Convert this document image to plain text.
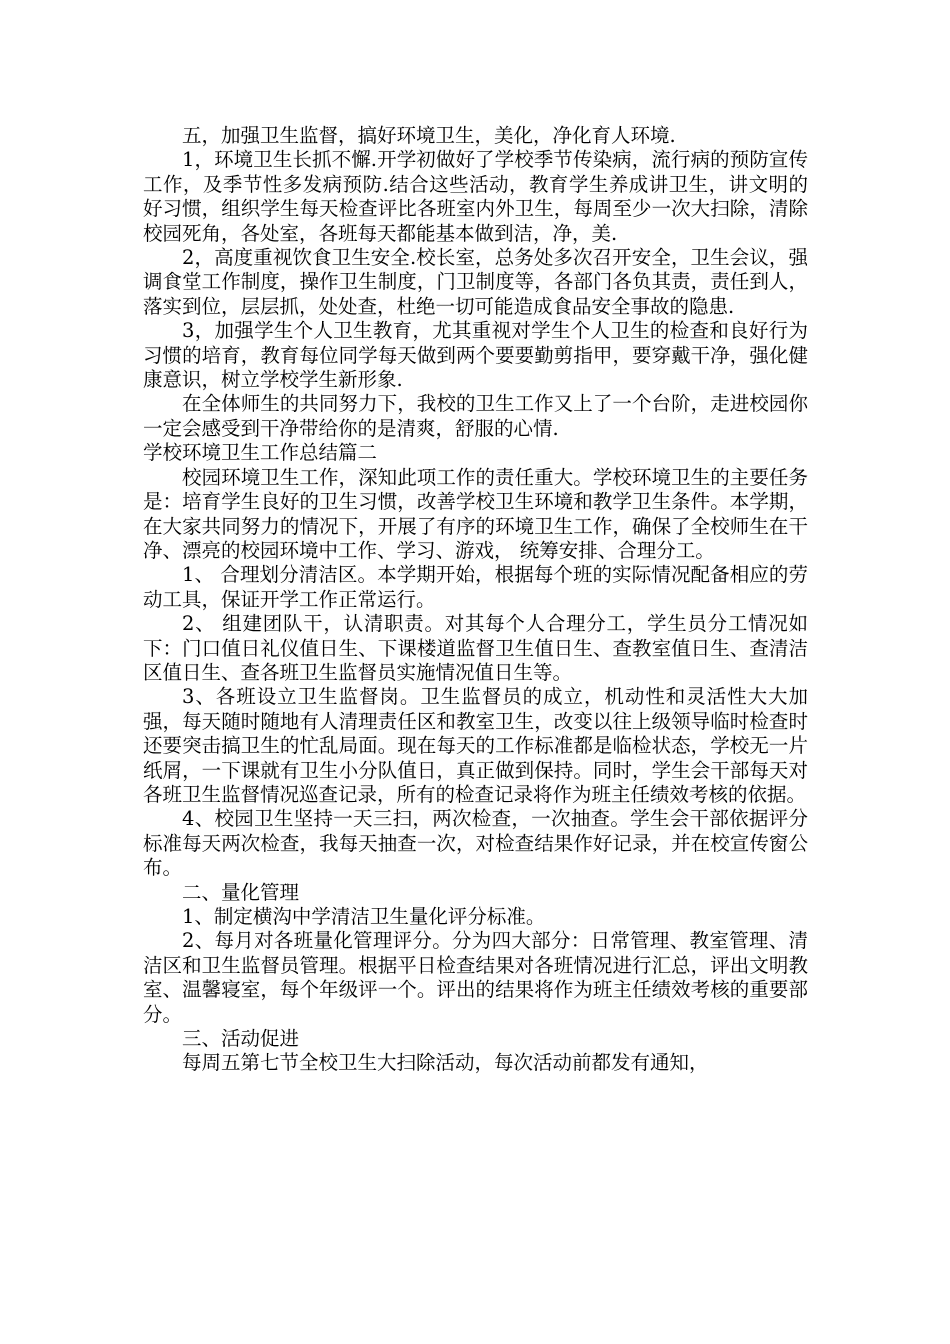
五，加强卫生监督，搞好环境卫生，美化，净化育人环境.

1，环境卫生长抓不懈.开学初做好了学校季节传染病，流行病的预防宣传工作，及季节性多发病预防.结合这些活动，教育学生养成讲卫生，讲文明的好习惯，组织学生每天检查评比各班室内外卫生，每周至少一次大扫除，清除校园死角，各处室，各班每天都能基本做到洁，净，美.

2，高度重视饮食卫生安全.校长室，总务处多次召开安全，卫生会议，强调食堂工作制度，操作卫生制度，门卫制度等，各部门各负其责，责任到人，落实到位，层层抓，处处查，杜绝一切可能造成食品安全事故的隐患.

3，加强学生个人卫生教育，尤其重视对学生个人卫生的检查和良好行为习惯的培育，教育每位同学每天做到两个要要勤剪指甲，要穿戴干净，强化健康意识，树立学校学生新形象.

在全体师生的共同努力下，我校的卫生工作又上了一个台阶，走进校园你一定会感受到干净带给你的是清爽，舒服的心情.

学校环境卫生工作总结篇二

校园环境卫生工作，深知此项工作的责任重大。学校环境卫生的主要任务是：培育学生良好的卫生习惯，改善学校卫生环境和教学卫生条件。本学期，在大家共同努力的情况下，开展了有序的环境卫生工作，确保了全校师生在干净、漂亮的校园环境中工作、学习、游戏， 统筹安排、合理分工。

1、 合理划分清洁区。本学期开始，根据每个班的实际情况配备相应的劳动工具，保证开学工作正常运行。

2、 组建团队干，认清职责。对其每个人合理分工，学生员分工情况如下：门口值日礼仪值日生、下课楼道监督卫生值日生、查教室值日生、查清洁区值日生、查各班卫生监督员实施情况值日生等。

3、各班设立卫生监督岗。卫生监督员的成立，机动性和灵活性大大加强，每天随时随地有人清理责任区和教室卫生，改变以往上级领导临时检查时还要突击搞卫生的忙乱局面。现在每天的工作标准都是临检状态，学校无一片纸屑，一下课就有卫生小分队值日，真正做到保持。同时，学生会干部每天对各班卫生监督情况巡查记录，所有的检查记录将作为班主任绩效考核的依据。

4、校园卫生坚持一天三扫，两次检查，一次抽查。学生会干部依据评分标准每天两次检查，我每天抽查一次，对检查结果作好记录，并在校宣传窗公布。

二、量化管理

1、制定横沟中学清洁卫生量化评分标准。

2、每月对各班量化管理评分。分为四大部分：日常管理、教室管理、清洁区和卫生监督员管理。根据平日检查结果对各班情况进行汇总，评出文明教室、温馨寝室，每个年级评一个。评出的结果将作为班主任绩效考核的重要部分。

三、活动促进

每周五第七节全校卫生大扫除活动，每次活动前都发有通知，
